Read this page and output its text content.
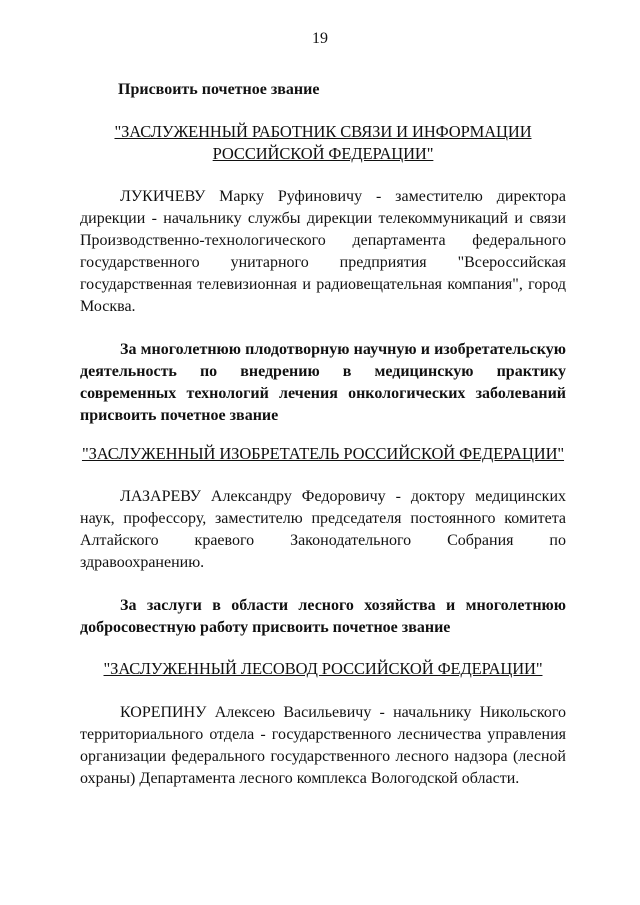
19
Присвоить почетное звание
"ЗАСЛУЖЕННЫЙ РАБОТНИК СВЯЗИ И ИНФОРМАЦИИ
РОССИЙСКОЙ ФЕДЕРАЦИИ"
ЛУКИЧЕВУ Марку Руфиновичу - заместителю директора дирекции - начальнику службы дирекции телекоммуникаций и связи Производственно-технологического департамента федерального государственного унитарного предприятия "Всероссийская государственная телевизионная и радиовещательная компания", город Москва.
За многолетнюю плодотворную научную и изобретательскую деятельность по внедрению в медицинскую практику современных технологий лечения онкологических заболеваний присвоить почетное звание
"ЗАСЛУЖЕННЫЙ ИЗОБРЕТАТЕЛЬ РОССИЙСКОЙ ФЕДЕРАЦИИ"
ЛАЗАРЕВУ Александру Федоровичу - доктору медицинских наук, профессору, заместителю председателя постоянного комитета Алтайского краевого Законодательного Собрания по здравоохранению.
За заслуги в области лесного хозяйства и многолетнюю добросовестную работу присвоить почетное звание
"ЗАСЛУЖЕННЫЙ ЛЕСОВОД РОССИЙСКОЙ ФЕДЕРАЦИИ"
КОРЕПИНУ Алексею Васильевичу - начальнику Никольского территориального отдела - государственного лесничества управления организации федерального государственного лесного надзора (лесной охраны) Департамента лесного комплекса Вологодской области.
